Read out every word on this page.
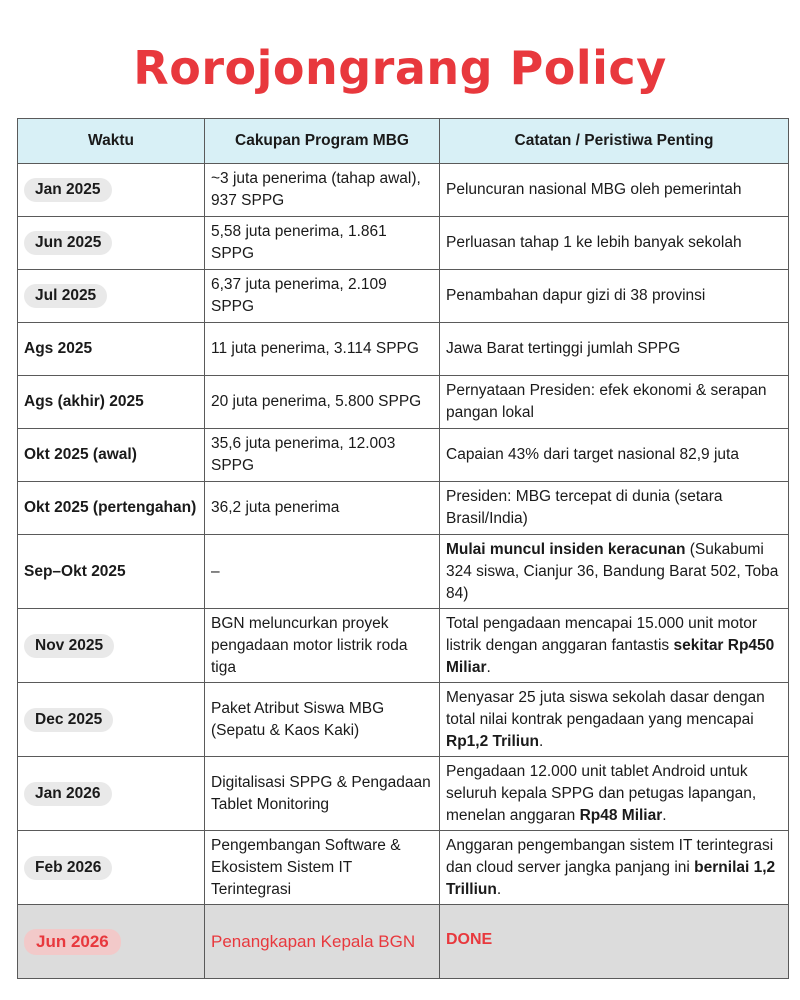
Rorojongrang Policy
Waktu	Cakupan Program MBG	Catatan / Peristiwa Penting
Jan 2025	~3 juta penerima (tahap awal), 937 SPPG	Peluncuran nasional MBG oleh pemerintah
Jun 2025	5,58 juta penerima, 1.861 SPPG	Perluasan tahap 1 ke lebih banyak sekolah
Jul 2025	6,37 juta penerima, 2.109 SPPG	Penambahan dapur gizi di 38 provinsi
Ags 2025	11 juta penerima, 3.114 SPPG	Jawa Barat tertinggi jumlah SPPG
Ags (akhir) 2025	20 juta penerima, 5.800 SPPG	Pernyataan Presiden: efek ekonomi & serapan pangan lokal
Okt 2025 (awal)	35,6 juta penerima, 12.003 SPPG	Capaian 43% dari target nasional 82,9 juta
Okt 2025 (pertengahan)	36,2 juta penerima	Presiden: MBG tercepat di dunia (setara Brasil/India)
Sep–Okt 2025	–	Mulai muncul insiden keracunan (Sukabumi 324 siswa, Cianjur 36, Bandung Barat 502, Toba 84)
Nov 2025	BGN meluncurkan proyek pengadaan motor listrik roda tiga	Total pengadaan mencapai 15.000 unit motor listrik dengan anggaran fantastis sekitar Rp450 Miliar.
Dec 2025	Paket Atribut Siswa MBG (Sepatu & Kaos Kaki)	Menyasar 25 juta siswa sekolah dasar dengan total nilai kontrak pengadaan yang mencapai Rp1,2 Triliun.
Jan 2026	Digitalisasi SPPG & Pengadaan Tablet Monitoring	Pengadaan 12.000 unit tablet Android untuk seluruh kepala SPPG dan petugas lapangan, menelan anggaran Rp48 Miliar.
Feb 2026	Pengembangan Software & Ekosistem Sistem IT Terintegrasi	Anggaran pengembangan sistem IT terintegrasi dan cloud server jangka panjang ini bernilai 1,2 Trilliun.
Jun 2026	Penangkapan Kepala BGN	DONE
